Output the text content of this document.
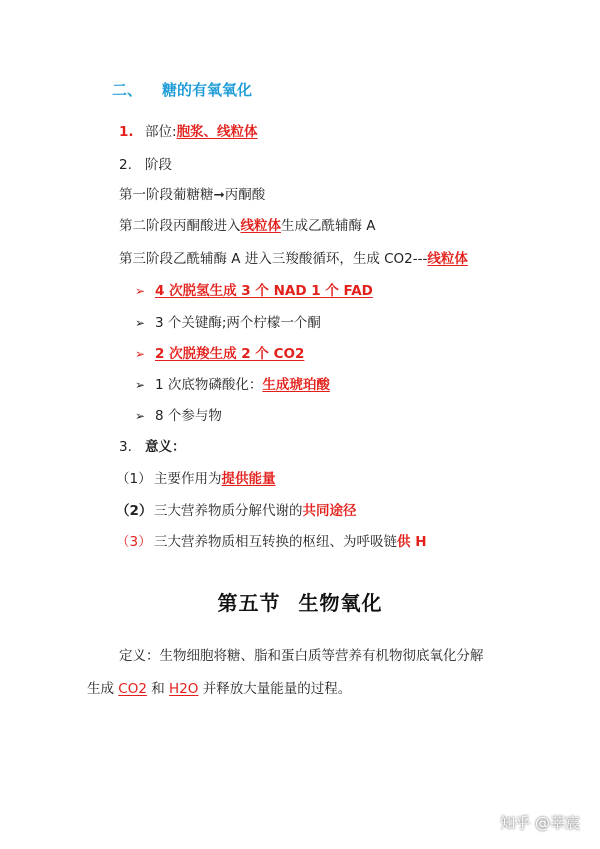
二、 糖的有氧氧化
1. 部位:胞浆、线粒体
2. 阶段
第一阶段葡糖糖➞丙酮酸
第二阶段丙酮酸进入线粒体生成乙酰辅酶 A
第三阶段乙酰辅酶 A 进入三羧酸循环，生成 CO2---线粒体
➢ 4 次脱氢生成 3 个 NAD 1 个 FAD
➢ 3 个关键酶;两个柠檬一个酮
➢ 2 次脱羧生成 2 个 CO2
➢ 1 次底物磷酸化：生成琥珀酸
➢ 8 个参与物
3. 意义：
（1） 主要作用为提供能量
（2） 三大营养物质分解代谢的共同途径
（3） 三大营养物质相互转换的枢纽、为呼吸链供 H
第五节 生物氧化
定义：生物细胞将糖、脂和蛋白质等营养有机物彻底氧化分解
生成 CO2 和 H2O 并释放大量能量的过程。
知乎 @莘宸
